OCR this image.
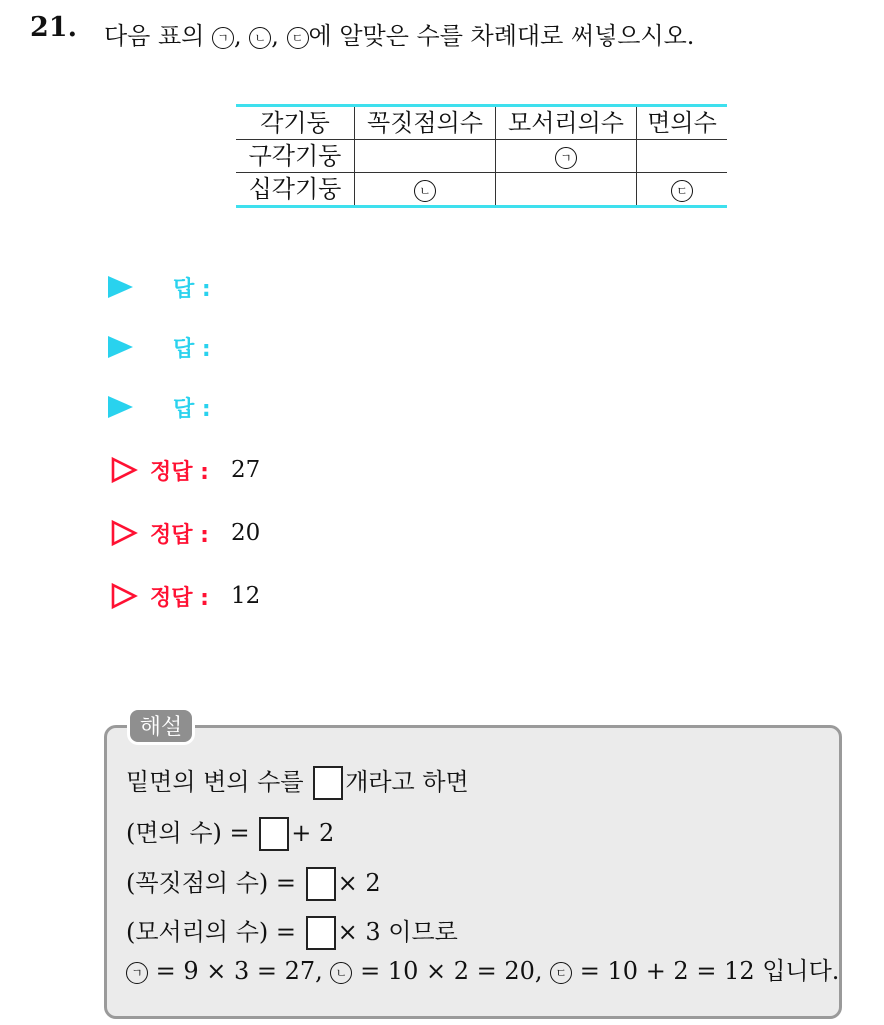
21. 다음 표의 ㄱ , ㄴ , ㄷ 에 알맞은 수를 차례대로 써넣으시오.
각기둥	꼭짓점의수	모서리의수	면의수
구각기둥		ㄱ	
십각기둥	ㄴ		ㄷ
답 :
답 :
답 :
정답 : 27
정답 : 20
정답 : 12
해설
밑면의 변의 수를 개라고 하면
(면의 수) = + 2
(꼭짓점의 수) = × 2
(모서리의 수) = × 3 이므로
ㄱ = 9 × 3 = 27, ㄴ = 10 × 2 = 20, ㄷ = 10 + 2 = 12 입니다.
